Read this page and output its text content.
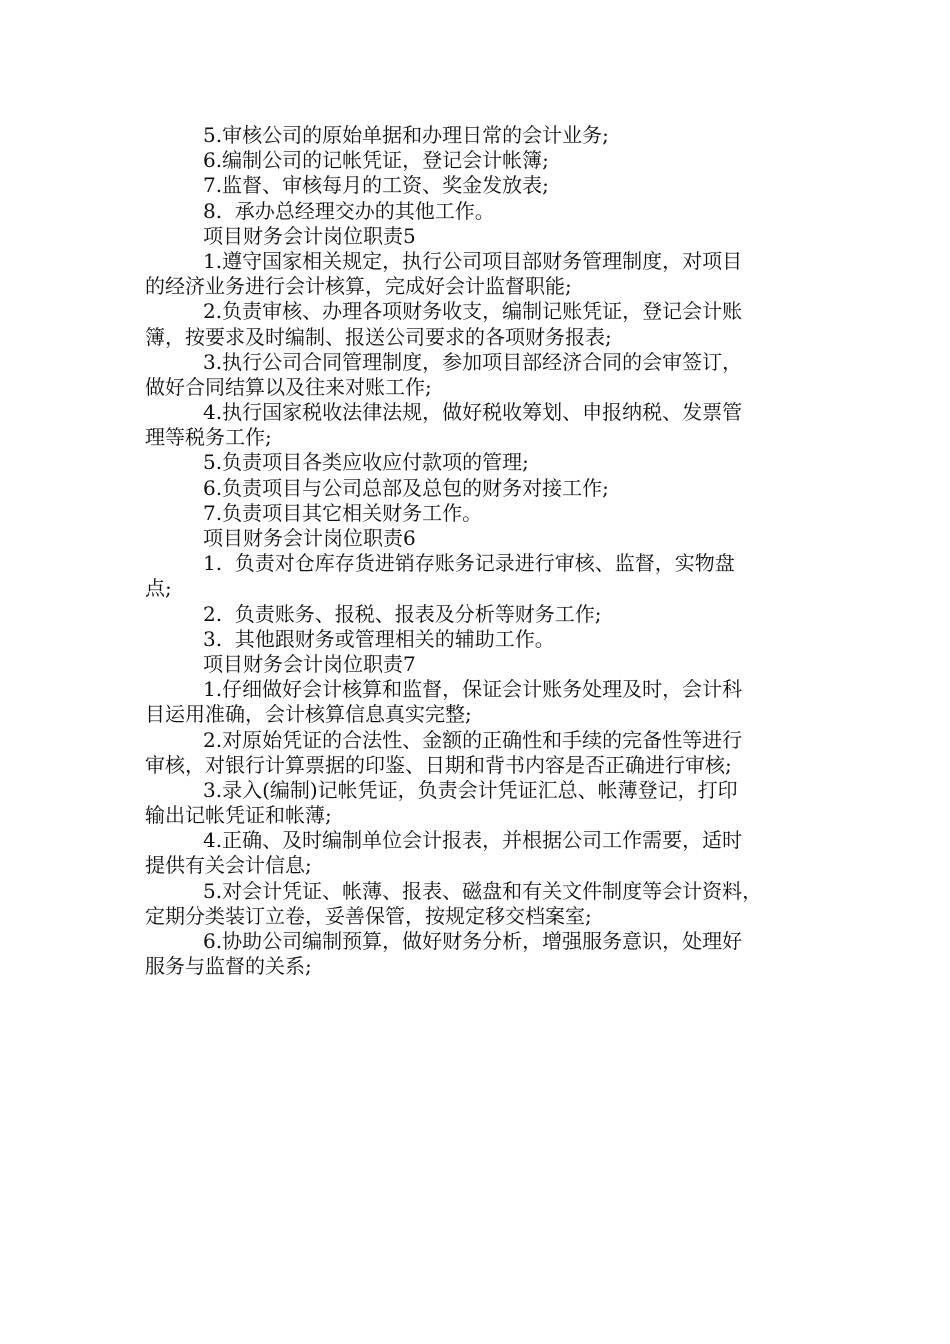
5.审核公司的原始单据和办理日常的会计业务;
6.编制公司的记帐凭证，登记会计帐簿;
7.监督、审核每月的工资、奖金发放表;
8.  承办总经理交办的其他工作。
项目财务会计岗位职责5
1.遵守国家相关规定，执行公司项目部财务管理制度，对项目
的经济业务进行会计核算，完成好会计监督职能;
2.负责审核、办理各项财务收支，编制记账凭证，登记会计账
簿，按要求及时编制、报送公司要求的各项财务报表;
3.执行公司合同管理制度，参加项目部经济合同的会审签订，
做好合同结算以及往来对账工作;
4.执行国家税收法律法规，做好税收筹划、申报纳税、发票管
理等税务工作;
5.负责项目各类应收应付款项的管理;
6.负责项目与公司总部及总包的财务对接工作;
7.负责项目其它相关财务工作。
项目财务会计岗位职责6
1.  负责对仓库存货进销存账务记录进行审核、监督，实物盘
点;
2.  负责账务、报税、报表及分析等财务工作;
3.  其他跟财务或管理相关的辅助工作。
项目财务会计岗位职责7
1.仔细做好会计核算和监督，保证会计账务处理及时，会计科
目运用准确，会计核算信息真实完整;
2.对原始凭证的合法性、金额的正确性和手续的完备性等进行
审核，对银行计算票据的印鉴、日期和背书内容是否正确进行审核;
3.录入(编制)记帐凭证，负责会计凭证汇总、帐薄登记，打印
输出记帐凭证和帐薄;
4.正确、及时编制单位会计报表，并根据公司工作需要，适时
提供有关会计信息;
5.对会计凭证、帐薄、报表、磁盘和有关文件制度等会计资料，
定期分类装订立卷，妥善保管，按规定移交档案室;
6.协助公司编制预算，做好财务分析，增强服务意识，处理好
服务与监督的关系;
